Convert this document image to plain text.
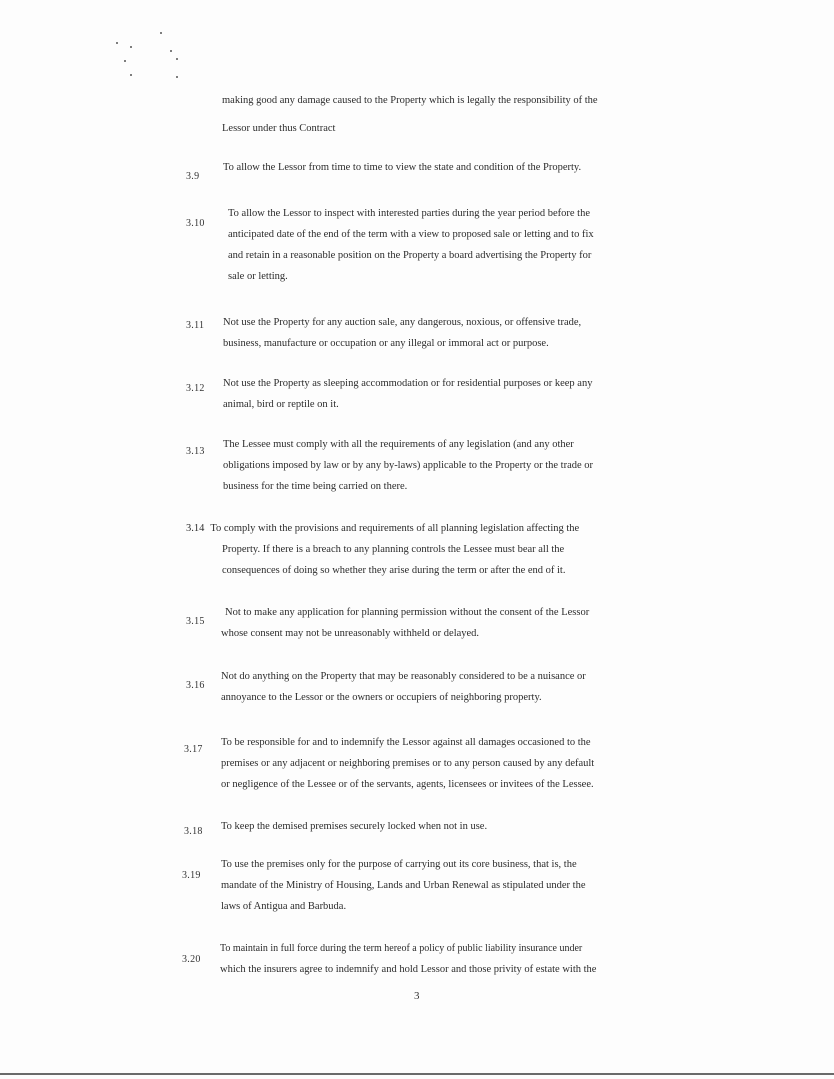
making good any damage caused to the Property which is legally the responsibility of the
Lessor under thus Contract
3.9
To allow the Lessor from time to time to view the state and condition of the Property.
3.10
To allow the Lessor to inspect with interested parties during the year period before the
anticipated date of the end of the term with a view to proposed sale or letting and to fix
and retain in a reasonable position on the Property a board advertising the Property for
sale or letting.
3.11 Not use the Property for any auction sale, any dangerous, noxious, or offensive trade,
business, manufacture or occupation or any illegal or immoral act or purpose.
3.12 Not use the Property as sleeping accommodation or for residential purposes or keep any
animal, bird or reptile on it.
3.13
The Lessee must comply with all the requirements of any legislation (and any other
obligations imposed by law or by any by-laws) applicable to the Property or the trade or
business for the time being carried on there.
3.14 To comply with the provisions and requirements of all planning legislation affecting the
Property. If there is a breach to any planning controls the Lessee must bear all the
consequences of doing so whether they arise during the term or after the end of it.
3.15
Not to make any application for planning permission without the consent of the Lessor
whose consent may not be unreasonably withheld or delayed.
3.16
Not do anything on the Property that may be reasonably considered to be a nuisance or
annoyance to the Lessor or the owners or occupiers of neighboring property.
3.17
To be responsible for and to indemnify the Lessor against all damages occasioned to the
premises or any adjacent or neighboring premises or to any person caused by any default
or negligence of the Lessee or of the servants, agents, licensees or invitees of the Lessee.
3.18 To keep the demised premises securely locked when not in use.
3.19
To use the premises only for the purpose of carrying out its core business, that is, the
mandate of the Ministry of Housing, Lands and Urban Renewal as stipulated under the
laws of Antigua and Barbuda.
3.20
To maintain in full force during the term hereof a policy of public liability insurance under
which the insurers agree to indemnify and hold Lessor and those privity of estate with the
3
